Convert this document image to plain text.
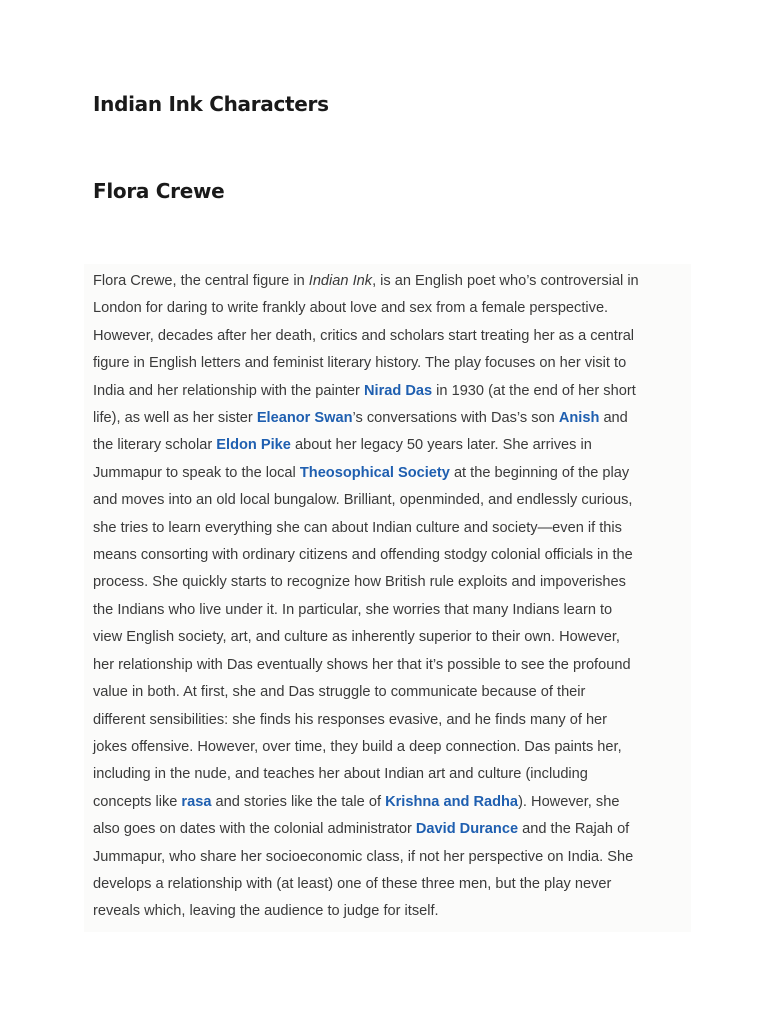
Indian Ink Characters
Flora Crewe
Flora Crewe, the central figure in Indian Ink, is an English poet who’s controversial in
London for daring to write frankly about love and sex from a female perspective.
However, decades after her death, critics and scholars start treating her as a central
figure in English letters and feminist literary history. The play focuses on her visit to
India and her relationship with the painter Nirad Das in 1930 (at the end of her short
life), as well as her sister Eleanor Swan’s conversations with Das’s son Anish and
the literary scholar Eldon Pike about her legacy 50 years later. She arrives in
Jummapur to speak to the local Theosophical Society at the beginning of the play
and moves into an old local bungalow. Brilliant, openminded, and endlessly curious,
she tries to learn everything she can about Indian culture and society—even if this
means consorting with ordinary citizens and offending stodgy colonial officials in the
process. She quickly starts to recognize how British rule exploits and impoverishes
the Indians who live under it. In particular, she worries that many Indians learn to
view English society, art, and culture as inherently superior to their own. However,
her relationship with Das eventually shows her that it’s possible to see the profound
value in both. At first, she and Das struggle to communicate because of their
different sensibilities: she finds his responses evasive, and he finds many of her
jokes offensive. However, over time, they build a deep connection. Das paints her,
including in the nude, and teaches her about Indian art and culture (including
concepts like rasa and stories like the tale of Krishna and Radha). However, she
also goes on dates with the colonial administrator David Durance and the Rajah of
Jummapur, who share her socioeconomic class, if not her perspective on India. She
develops a relationship with (at least) one of these three men, but the play never
reveals which, leaving the audience to judge for itself.
